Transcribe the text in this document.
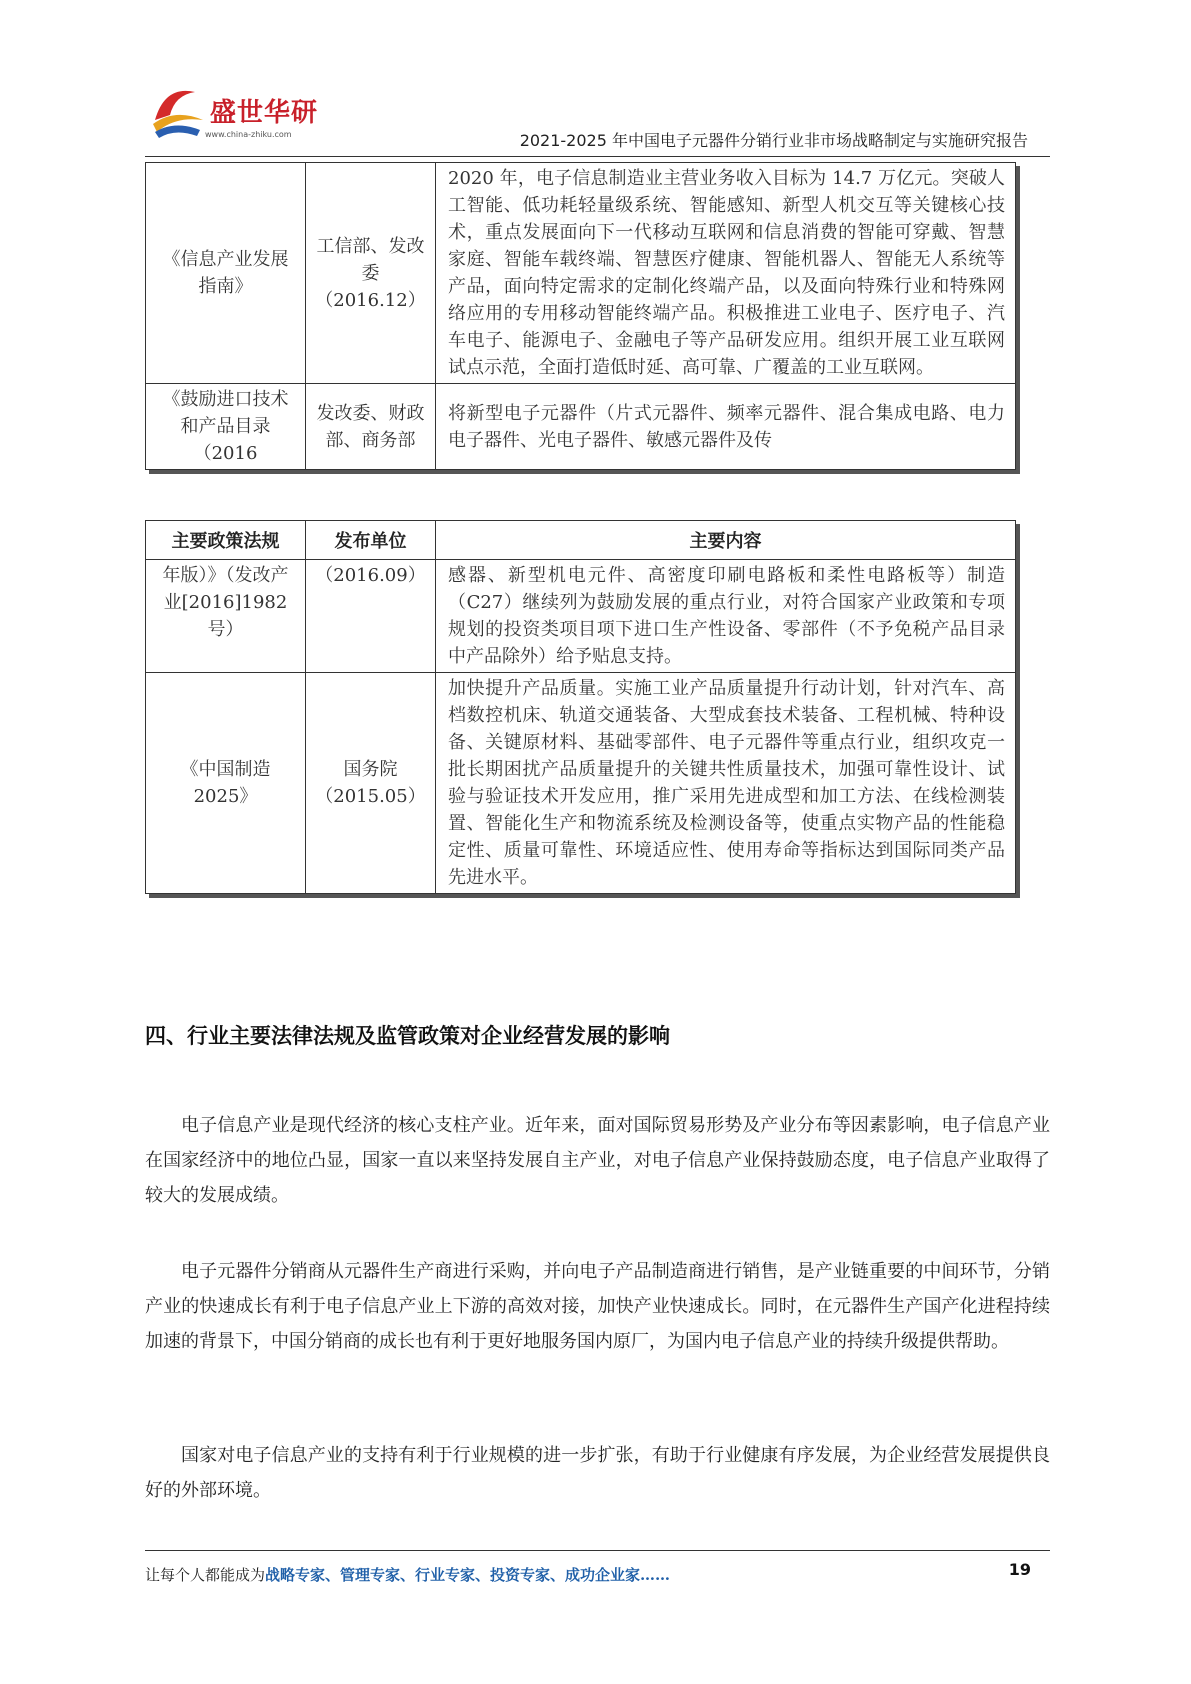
盛世华研
www.china-zhiku.com	2021-2025 年中国电子元器件分销行业非市场战略制定与实施研究报告
《信息产业发展指南》	工信部、发改委（2016.12）	2020 年，电子信息制造业主营业务收入目标为 14.7 万亿元。突破人工智能、低功耗轻量级系统、智能感知、新型人机交互等关键核心技术，重点发展面向下一代移动互联网和信息消费的智能可穿戴、智慧家庭、智能车载终端、智慧医疗健康、智能机器人、智能无人系统等产品，面向特定需求的定制化终端产品，以及面向特殊行业和特殊网络应用的专用移动智能终端产品。积极推进工业电子、医疗电子、汽车电子、能源电子、金融电子等产品研发应用。组织开展工业互联网试点示范，全面打造低时延、高可靠、广覆盖的工业互联网。
《鼓励进口技术和产品目录（2016	发改委、财政部、商务部	将新型电子元器件（片式元器件、频率元器件、混合集成电路、电力电子器件、光电子器件、敏感元器件及传
主要政策法规	发布单位	主要内容
年版）》（发改产业[2016]1982 号）	（2016.09）	感器、新型机电元件、高密度印刷电路板和柔性电路板等）制造（C27）继续列为鼓励发展的重点行业，对符合国家产业政策和专项规划的投资类项目项下进口生产性设备、零部件（不予免税产品目录中产品除外）给予贴息支持。
《中国制造 2025》	国务院（2015.05）	加快提升产品质量。实施工业产品质量提升行动计划，针对汽车、高档数控机床、轨道交通装备、大型成套技术装备、工程机械、特种设备、关键原材料、基础零部件、电子元器件等重点行业，组织攻克一批长期困扰产品质量提升的关键共性质量技术，加强可靠性设计、试验与验证技术开发应用，推广采用先进成型和加工方法、在线检测装置、智能化生产和物流系统及检测设备等，使重点实物产品的性能稳定性、质量可靠性、环境适应性、使用寿命等指标达到国际同类产品先进水平。
四、行业主要法律法规及监管政策对企业经营发展的影响

电子信息产业是现代经济的核心支柱产业。近年来，面对国际贸易形势及产业分布等因素影响，电子信息产业在国家经济中的地位凸显，国家一直以来坚持发展自主产业，对电子信息产业保持鼓励态度，电子信息产业取得了较大的发展成绩。

电子元器件分销商从元器件生产商进行采购，并向电子产品制造商进行销售，是产业链重要的中间环节，分销产业的快速成长有利于电子信息产业上下游的高效对接，加快产业快速成长。同时，在元器件生产国产化进程持续加速的背景下，中国分销商的成长也有利于更好地服务国内原厂，为国内电子信息产业的持续升级提供帮助。

国家对电子信息产业的支持有利于行业规模的进一步扩张，有助于行业健康有序发展，为企业经营发展提供良好的外部环境。

让每个人都能成为战略专家、管理专家、行业专家、投资专家、成功企业家……	19
